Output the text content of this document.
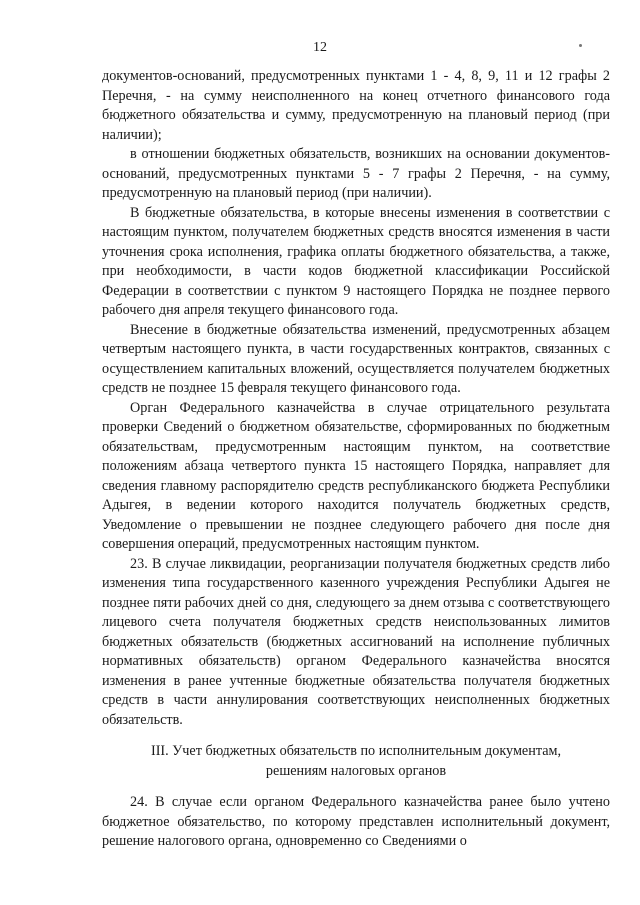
12

документов-оснований, предусмотренных пунктами 1 - 4, 8, 9, 11 и 12 графы 2 Перечня, - на сумму неисполненного на конец отчетного финансового года бюджетного обязательства и сумму, предусмотренную на плановый период (при наличии);

в отношении бюджетных обязательств, возникших на основании документов-оснований, предусмотренных пунктами 5 - 7 графы 2 Перечня, - на сумму, предусмотренную на плановый период (при наличии).

В бюджетные обязательства, в которые внесены изменения в соответствии с настоящим пунктом, получателем бюджетных средств вносятся изменения в части уточнения срока исполнения, графика оплаты бюджетного обязательства, а также, при необходимости, в части кодов бюджетной классификации Российской Федерации в соответствии с пунктом 9 настоящего Порядка не позднее первого рабочего дня апреля текущего финансового года.

Внесение в бюджетные обязательства изменений, предусмотренных абзацем четвертым настоящего пункта, в части государственных контрактов, связанных с осуществлением капитальных вложений, осуществляется получателем бюджетных средств не позднее 15 февраля текущего финансового года.

Орган Федерального казначейства в случае отрицательного результата проверки Сведений о бюджетном обязательстве, сформированных по бюджетным обязательствам, предусмотренным настоящим пунктом, на соответствие положениям абзаца четвертого пункта 15 настоящего Порядка, направляет для сведения главному распорядителю средств республиканского бюджета Республики Адыгея, в ведении которого находится получатель бюджетных средств, Уведомление о превышении не позднее следующего рабочего дня после дня совершения операций, предусмотренных настоящим пунктом.

23. В случае ликвидации, реорганизации получателя бюджетных средств либо изменения типа государственного казенного учреждения Республики Адыгея не позднее пяти рабочих дней со дня, следующего за днем отзыва с соответствующего лицевого счета получателя бюджетных средств неиспользованных лимитов бюджетных обязательств (бюджетных ассигнований на исполнение публичных нормативных обязательств) органом Федерального казначейства вносятся изменения в ранее учтенные бюджетные обязательства получателя бюджетных средств в части аннулирования соответствующих неисполненных бюджетных обязательств.

III. Учет бюджетных обязательств по исполнительным документам,
решениям налоговых органов

24. В случае если органом Федерального казначейства ранее было учтено бюджетное обязательство, по которому представлен исполнительный документ, решение налогового органа, одновременно со Сведениями о
